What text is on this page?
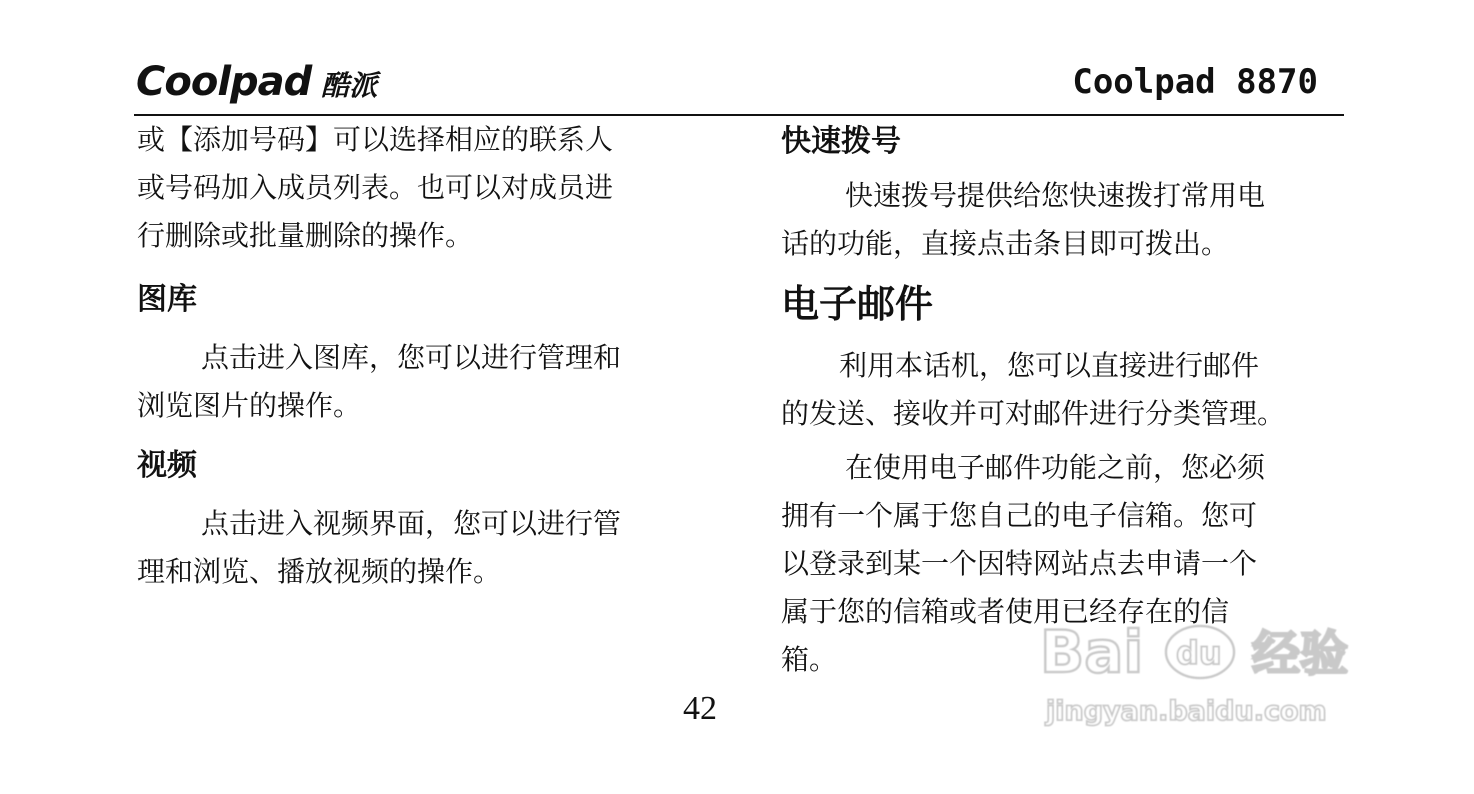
Coolpad 酷派	Coolpad 8870

或【添加号码】可以选择相应的联系人

或号码加入成员列表。也可以对成员进

行删除或批量删除的操作。

图库

点击进入图库，您可以进行管理和

浏览图片的操作。

视频

点击进入视频界面，您可以进行管

理和浏览、播放视频的操作。

快速拨号

快速拨号提供给您快速拨打常用电

话的功能，直接点击条目即可拨出。

电子邮件

利用本话机，您可以直接进行邮件

的发送、接收并可对邮件进行分类管理。

在使用电子邮件功能之前，您必须

拥有一个属于您自己的电子信箱。您可

以登录到某一个因特网站点去申请一个

属于您的信箱或者使用已经存在的信

箱。

42
Bai du 经验
jingyan.baidu.com
